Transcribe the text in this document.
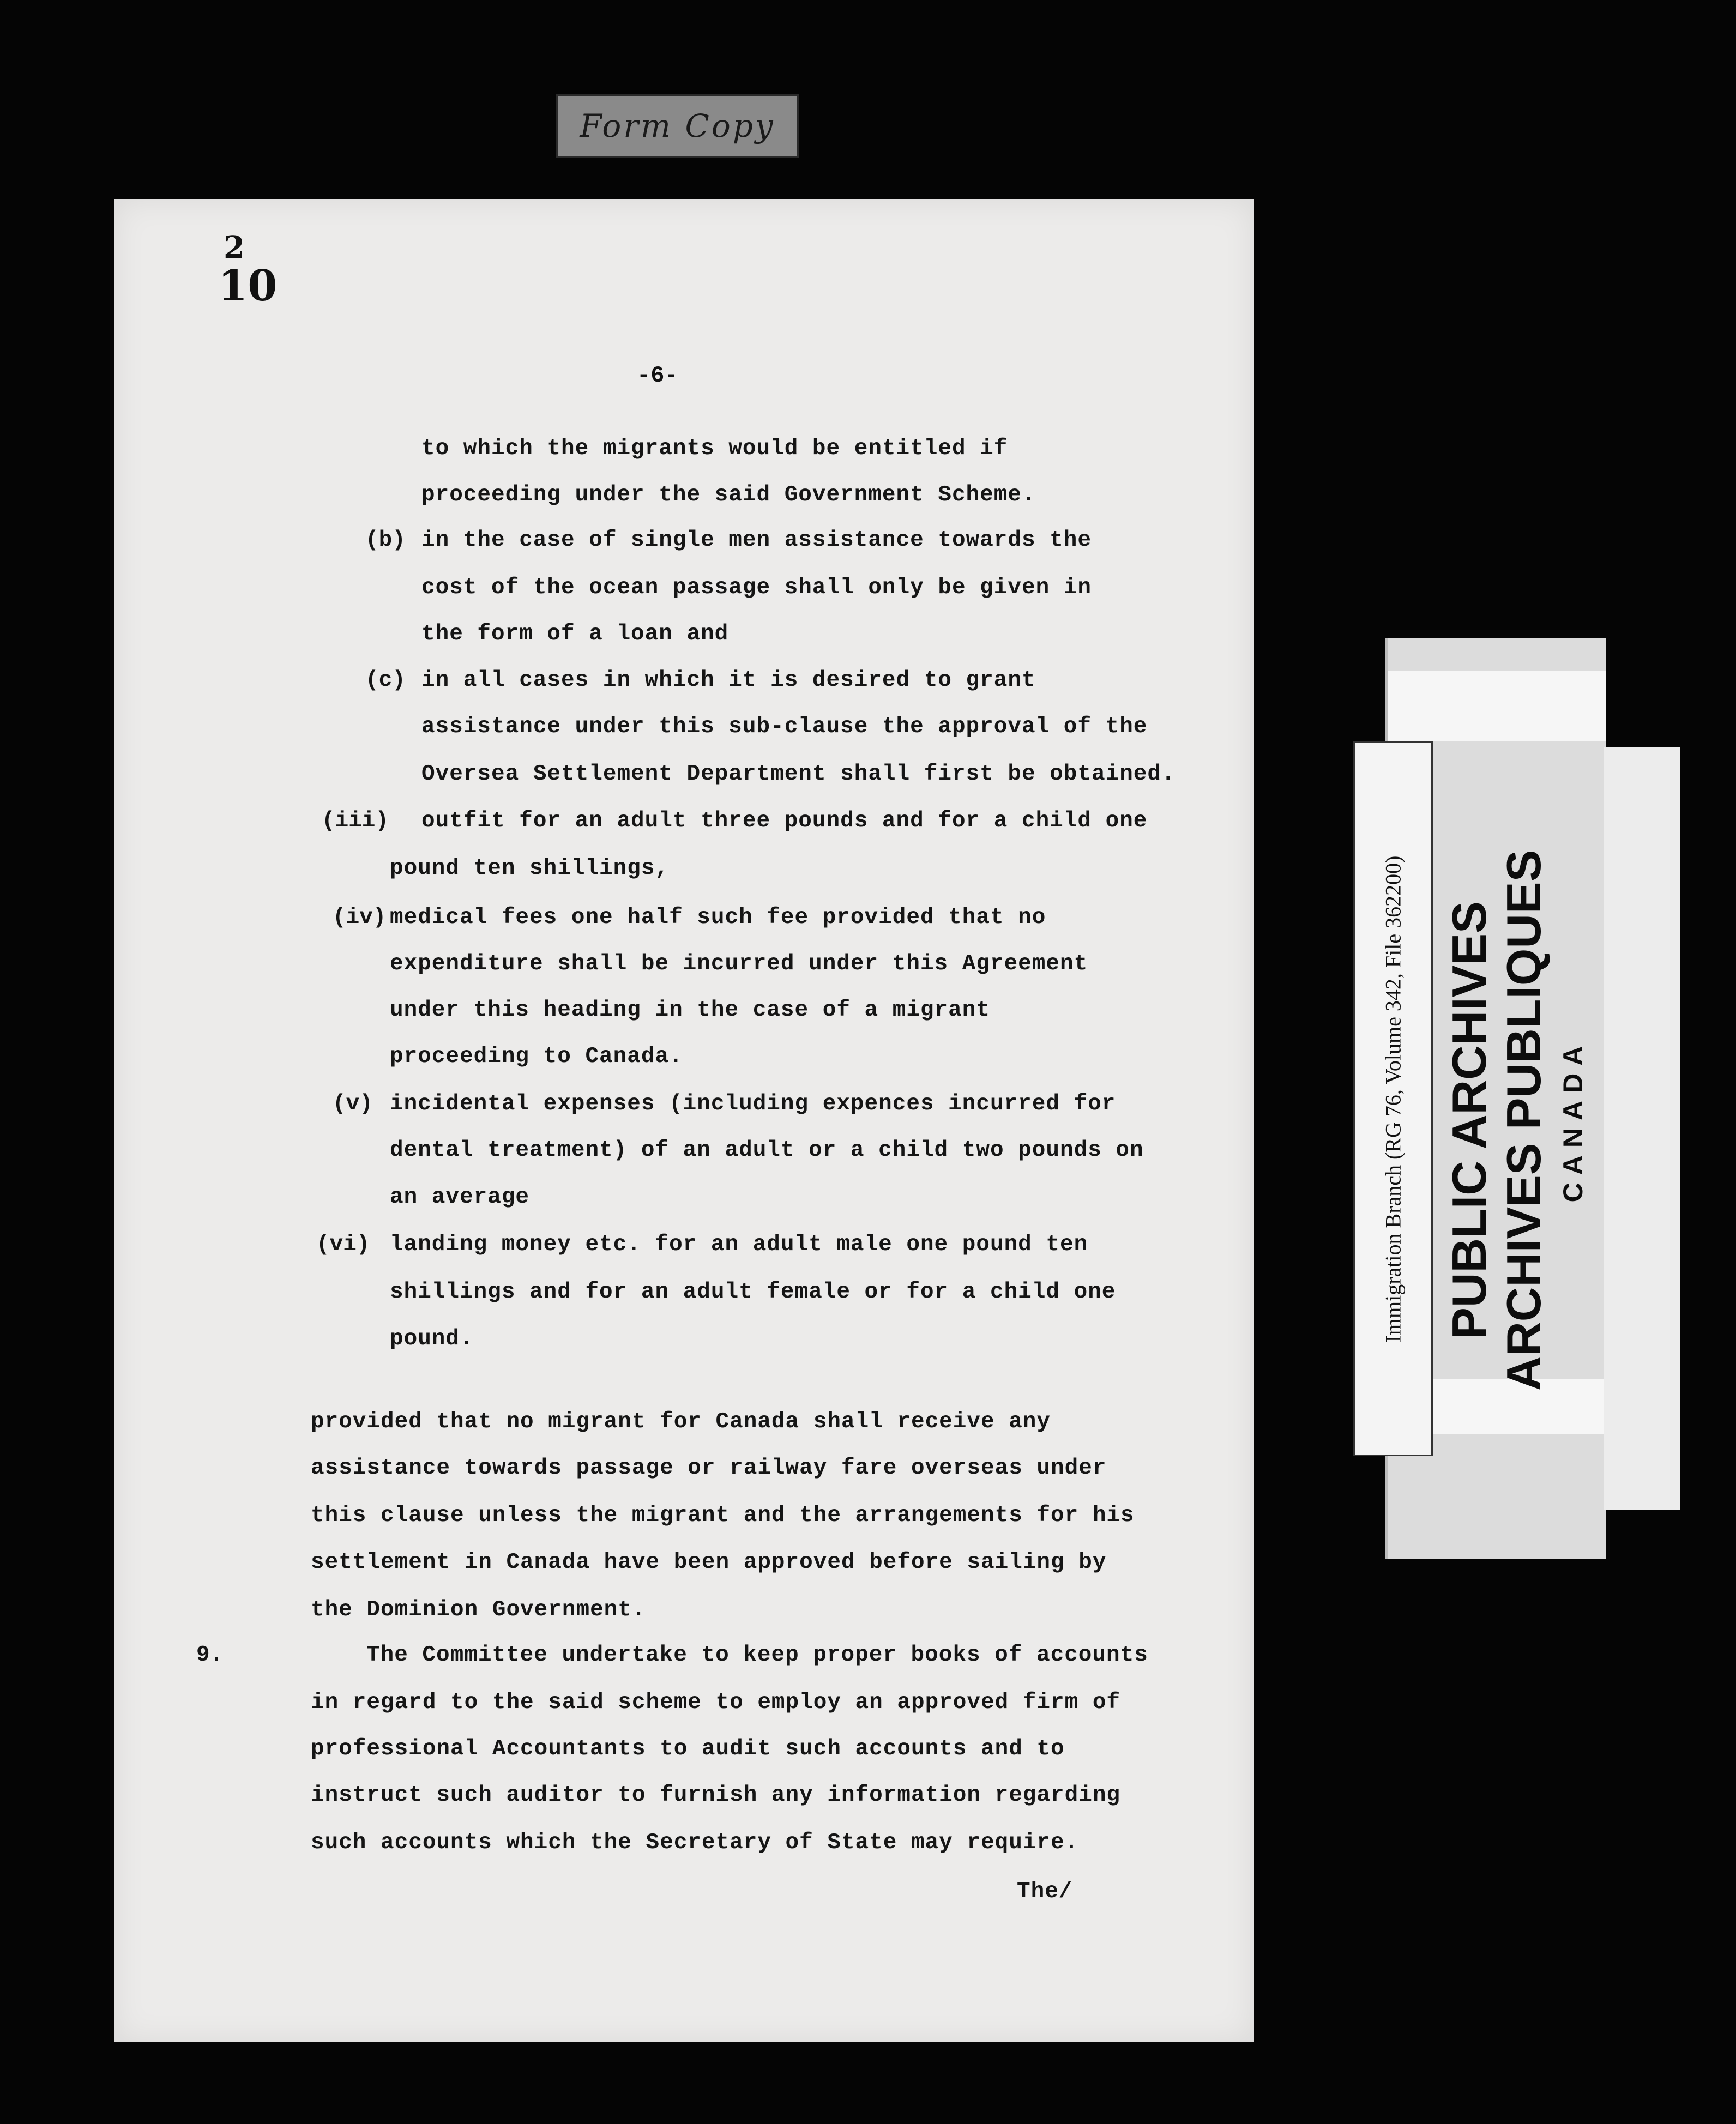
Form Copy
2
10
-6-
to which the migrants would be entitled if
proceeding under the said Government Scheme.
(b) in the case of single men assistance towards the
cost of the ocean passage shall only be given in
the form of a loan and
(c) in all cases in which it is desired to grant
assistance under this sub-clause the approval of the
Oversea Settlement Department shall first be obtained.
(iii) outfit for an adult three pounds and for a child one
pound ten shillings,
(iv) medical fees one half such fee provided that no
expenditure shall be incurred under this Agreement
under this heading in the case of a migrant
proceeding to Canada.
(v) incidental expenses (including expences incurred for
dental treatment) of an adult or a child two pounds on
an average
(vi) landing money etc. for an adult male one pound ten
shillings and for an adult female or for a child one
pound.
provided that no migrant for Canada shall receive any
assistance towards passage or railway fare overseas under
this clause unless the migrant and the arrangements for his
settlement in Canada have been approved before sailing by
the Dominion Government.
9.	The Committee undertake to keep proper books of accounts
in regard to the said scheme to employ an approved firm of
professional Accountants to audit such accounts and to
instruct such auditor to furnish any information regarding
such accounts which the Secretary of State may require.
The/
Immigration Branch (RG 76, Volume 342, File 362200) PUBLIC ARCHIVES ARCHIVES PUBLIQUES CANADA
